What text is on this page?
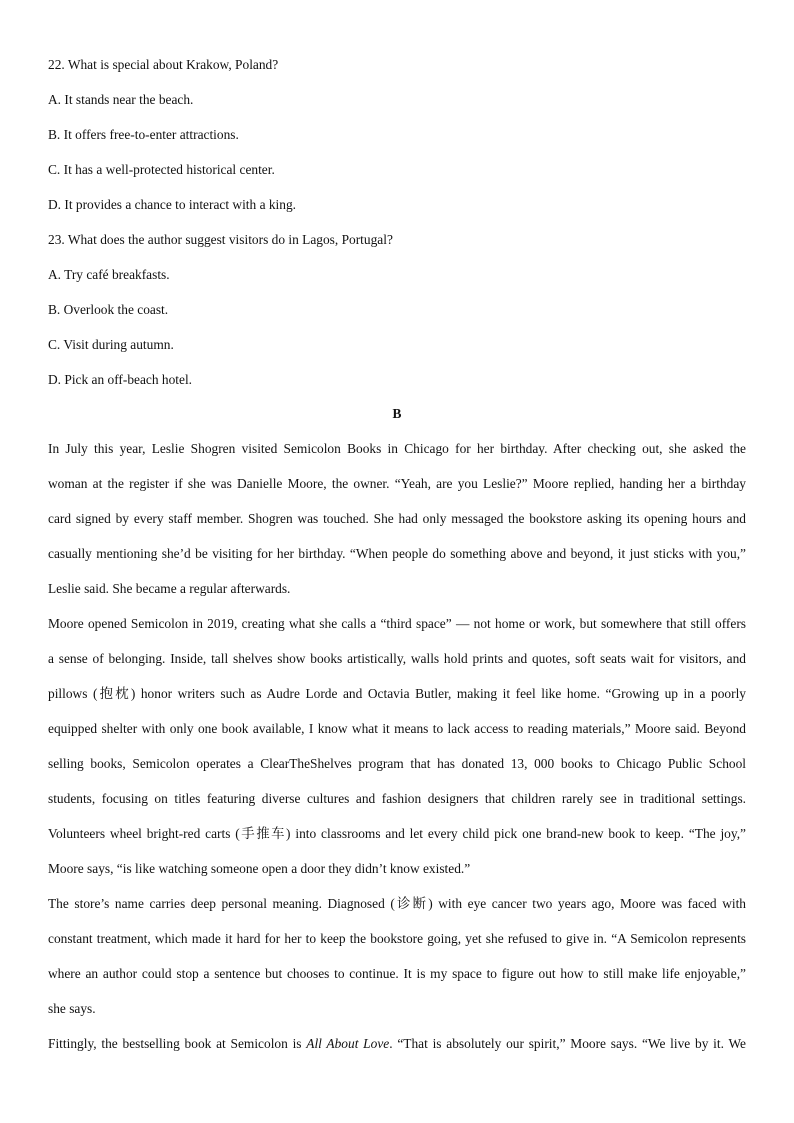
22. What is special about Krakow, Poland?
A. It stands near the beach.
B. It offers free-to-enter attractions.
C. It has a well-protected historical center.
D. It provides a chance to interact with a king.
23. What does the author suggest visitors do in Lagos, Portugal?
A. Try café breakfasts.
B. Overlook the coast.
C. Visit during autumn.
D. Pick an off-beach hotel.
B
In July this year, Leslie Shogren visited Semicolon Books in Chicago for her birthday. After checking out, she asked the
woman at the register if she was Danielle Moore, the owner. “Yeah, are you Leslie?” Moore replied, handing her a birthday
card signed by every staff member. Shogren was touched. She had only messaged the bookstore asking its opening hours and
casually mentioning she’d be visiting for her birthday. “When people do something above and beyond, it just sticks with you,”
Leslie said. She became a regular afterwards.
Moore opened Semicolon in 2019, creating what she calls a “third space” — not home or work, but somewhere that still offers
a sense of belonging. Inside, tall shelves show books artistically, walls hold prints and quotes, soft seats wait for visitors, and
pillows (抱枕) honor writers such as Audre Lorde and Octavia Butler, making it feel like home. “Growing up in a poorly
equipped shelter with only one book available, I know what it means to lack access to reading materials,” Moore said. Beyond
selling books, Semicolon operates a ClearTheShelves program that has donated 13, 000 books to Chicago Public School
students, focusing on titles featuring diverse cultures and fashion designers that children rarely see in traditional settings.
Volunteers wheel bright-red carts (手推车) into classrooms and let every child pick one brand-new book to keep. “The joy,”
Moore says, “is like watching someone open a door they didn’t know existed.”
The store’s name carries deep personal meaning. Diagnosed (诊断) with eye cancer two years ago, Moore was faced with
constant treatment, which made it hard for her to keep the bookstore going, yet she refused to give in. “A Semicolon represents
where an author could stop a sentence but chooses to continue. It is my space to figure out how to still make life enjoyable,”
she says.
Fittingly, the bestselling book at Semicolon is All About Love. “That is absolutely our spirit,” Moore says. “We live by it. We
